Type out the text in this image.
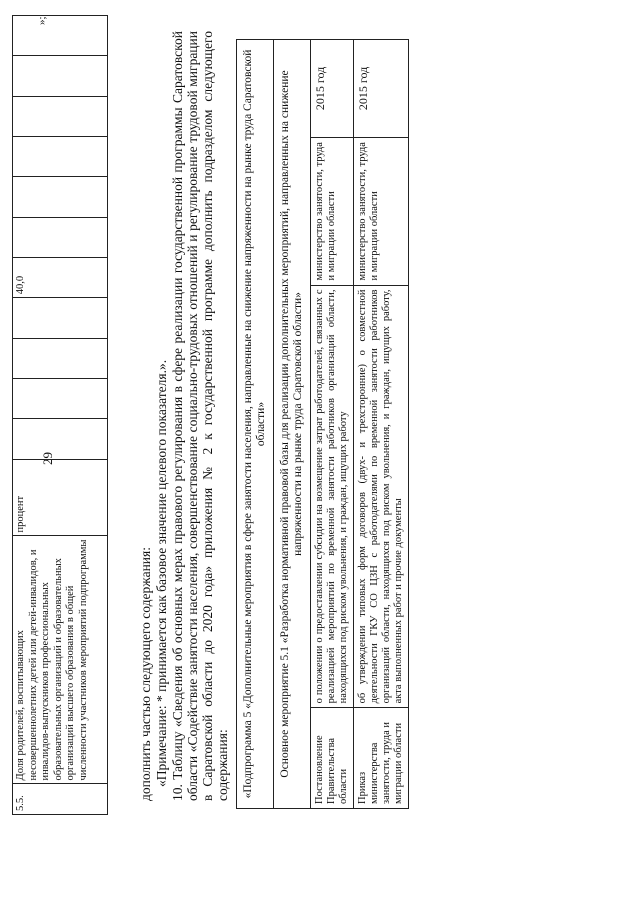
29
5.5.	Доля родителей, воспитывающих несовершеннолетних детей или детей-инвалидов, и инвалидов-выпускников профессиональных образовательных организаций и образовательных организаций высшего образования в общей численности участников мероприятий подпрограммы	процент					40,0						
»;
дополнить частью следующего содержания: «Примечание: * принимается как базовое значение целевого показателя.». 10. Таблицу «Сведения об основных мерах правового регулирования в сфере реализации государственной программы Саратовской области «Содействие занятости населения, совершенствование социально-трудовых отношений и регулирование трудовой миграции в Саратовской области до 2020 года» приложения № 2 к государственной программе дополнить подразделом следующего содержания: «Подпрограмма 5 «Дополнительные мероприятия в сфере занятости населения, направленные на снижение напряженности на рынке труда Саратовской области»			
Основное мероприятие 5.1 «Разработка нормативной правовой базы для реализации дополнительных мероприятий, направленных на снижение напряженности на рынке труда Саратовской области»			
Постановление Правительства области	о положении о предоставлении субсидии на возмещение затрат работодателей, связанных с реализацией мероприятий по временной занятости работников организаций области, находящихся под риском увольнения, и граждан, ищущих работу	министерство занятости, труда и миграции области	2015 год
Приказ министерства занятости, труда и миграции области	об утверждении типовых форм договоров (двух- и трехсторонние) о совместной деятельности ГКУ СО ЦЗН с работодателями по временной занятости работников организаций области, находящихся под риском увольнения, и граждан, ищущих работу, акта выполненных работ и прочие документы	министерство занятости, труда и миграции области	2015 год
